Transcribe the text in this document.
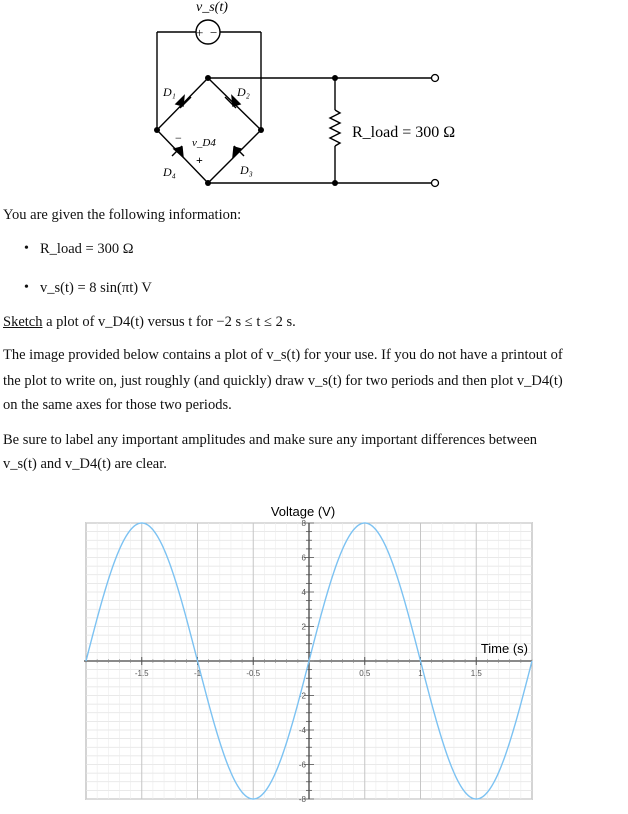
+ −
v_s(t)
D₁	D₂
D₃
D₄
v_D4
−
+
R_load = 300 Ω
You are given the following information:
• R_load = 300 Ω
• v_s(t) = 8 sin(πt) V
Sketch a plot of v_D4(t) versus t for −2 s ≤ t ≤ 2 s.
The image provided below contains a plot of v_s(t) for your use. If you do not have a printout of
the plot to write on, just roughly (and quickly) draw v_s(t) for two periods and then plot v_D4(t)
on the same axes for those two periods.
Be sure to label any important amplitudes and make sure any important differences between
v_s(t) and v_D4(t) are clear.
-1.5	-1	-0.5	0.5	1	1.5
8
6
4
2
-2
-4
-6
-8
Voltage (V)
Time (s)
